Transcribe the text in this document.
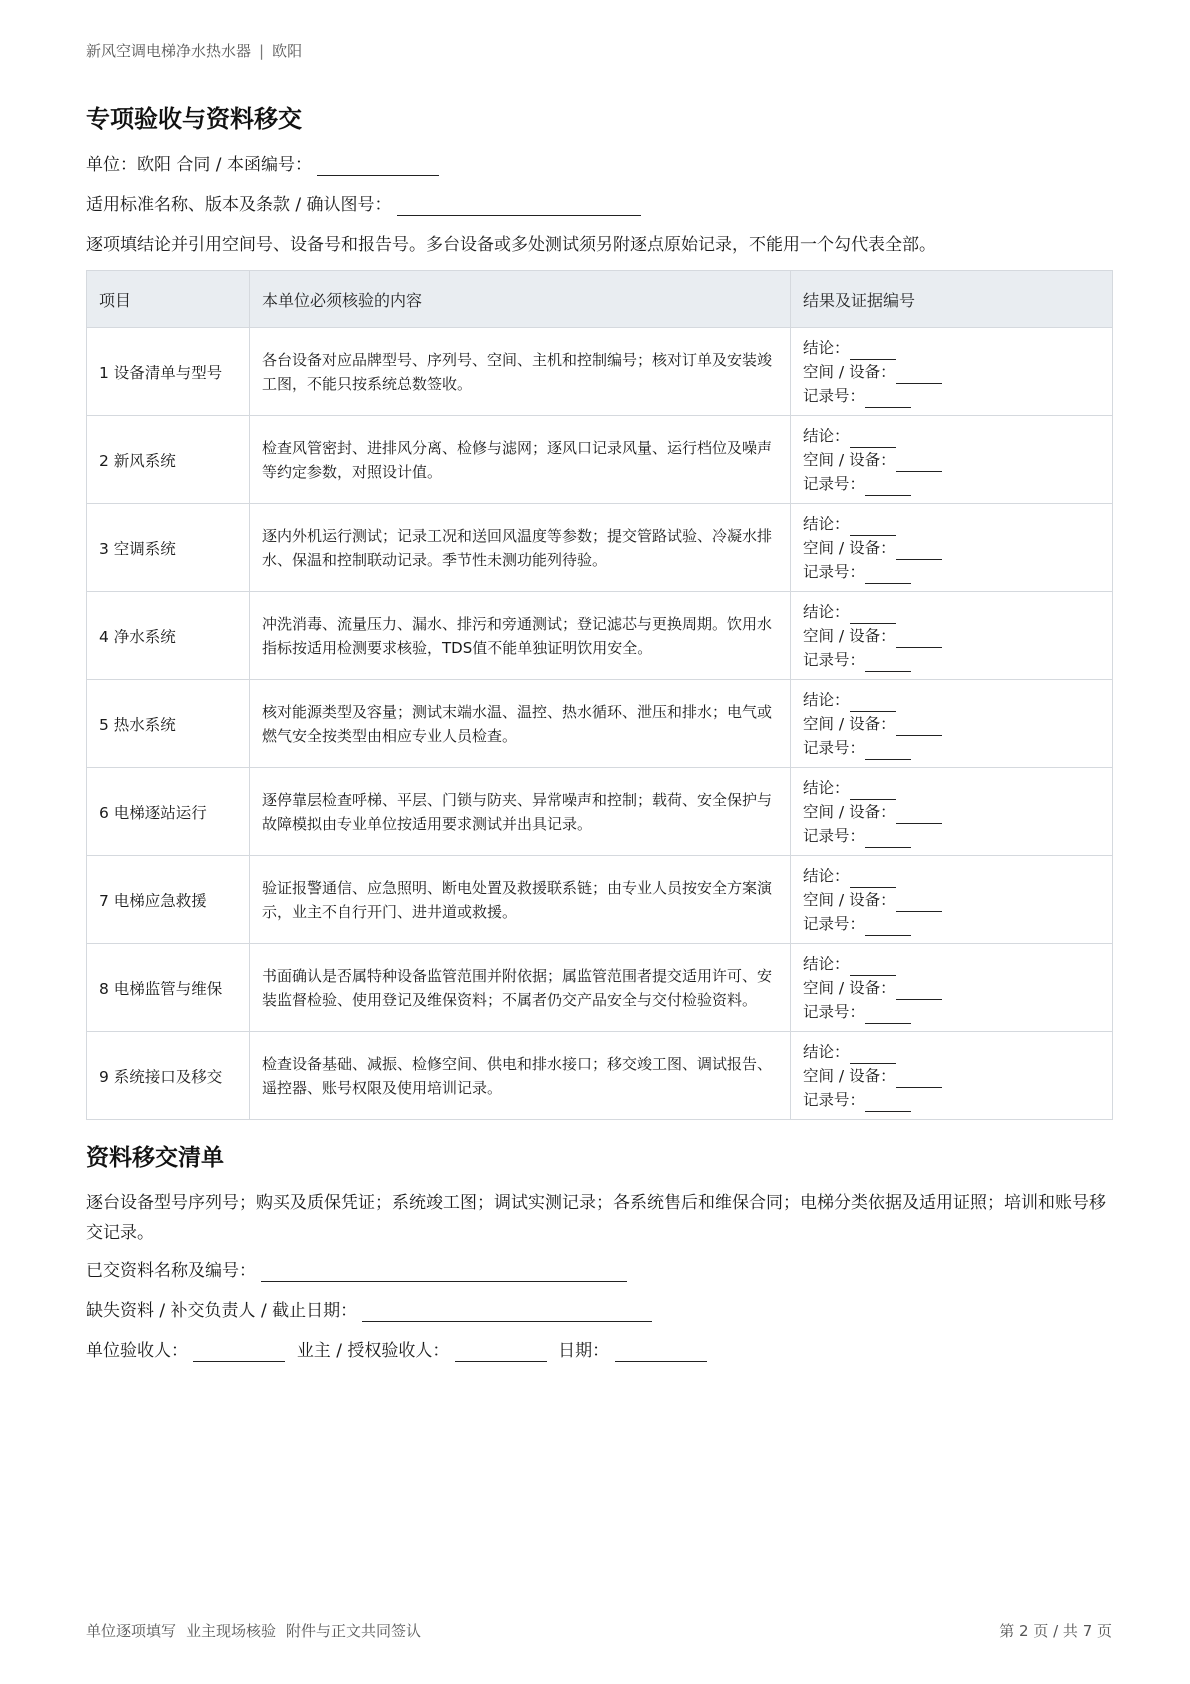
新风空调电梯净水热水器 | 欧阳
专项验收与资料移交
单位：欧阳 合同 / 本函编号：
适用标准名称、版本及条款 / 确认图号：
逐项填结论并引用空间号、设备号和报告号。多台设备或多处测试须另附逐点原始记录，不能用一个勾代表全部。
项目	本单位必须核验的内容	结果及证据编号
1 设备清单与型号	各台设备对应品牌型号、序列号、空间、主机和控制编号；核对订单及安装竣工图，不能只按系统总数签收。	结论：
空间 / 设备：
记录号：

2 新风系统	检查风管密封、进排风分离、检修与滤网；逐风口记录风量、运行档位及噪声等约定参数，对照设计值。	结论：
空间 / 设备：
记录号：

3 空调系统	逐内外机运行测试；记录工况和送回风温度等参数；提交管路试验、冷凝水排水、保温和控制联动记录。季节性未测功能列待验。	结论：
空间 / 设备：
记录号：

4 净水系统	冲洗消毒、流量压力、漏水、排污和旁通测试；登记滤芯与更换周期。饮用水指标按适用检测要求核验，TDS值不能单独证明饮用安全。	结论：
空间 / 设备：
记录号：

5 热水系统	核对能源类型及容量；测试末端水温、温控、热水循环、泄压和排水；电气或燃气安全按类型由相应专业人员检查。	结论：
空间 / 设备：
记录号：

6 电梯逐站运行	逐停靠层检查呼梯、平层、门锁与防夹、异常噪声和控制；载荷、安全保护与故障模拟由专业单位按适用要求测试并出具记录。	结论：
空间 / 设备：
记录号：

7 电梯应急救援	验证报警通信、应急照明、断电处置及救援联系链；由专业人员按安全方案演示，业主不自行开门、进井道或救援。	结论：
空间 / 设备：
记录号：

8 电梯监管与维保	书面确认是否属特种设备监管范围并附依据；属监管范围者提交适用许可、安装监督检验、使用登记及维保资料；不属者仍交产品安全与交付检验资料。	结论：
空间 / 设备：
记录号：

9 系统接口及移交	检查设备基础、减振、检修空间、供电和排水接口；移交竣工图、调试报告、遥控器、账号权限及使用培训记录。	结论：
空间 / 设备：
记录号：
资料移交清单
逐台设备型号序列号；购买及质保凭证；系统竣工图；调试实测记录；各系统售后和维保合同；电梯分类依据及适用证照；培训和账号移交记录。
已交资料名称及编号：
缺失资料 / 补交负责人 / 截止日期：
单位验收人：	业主 / 授权验收人：	日期：
单位逐项填写 业主现场核验 附件与正文共同签认	第 2 页 / 共 7 页
